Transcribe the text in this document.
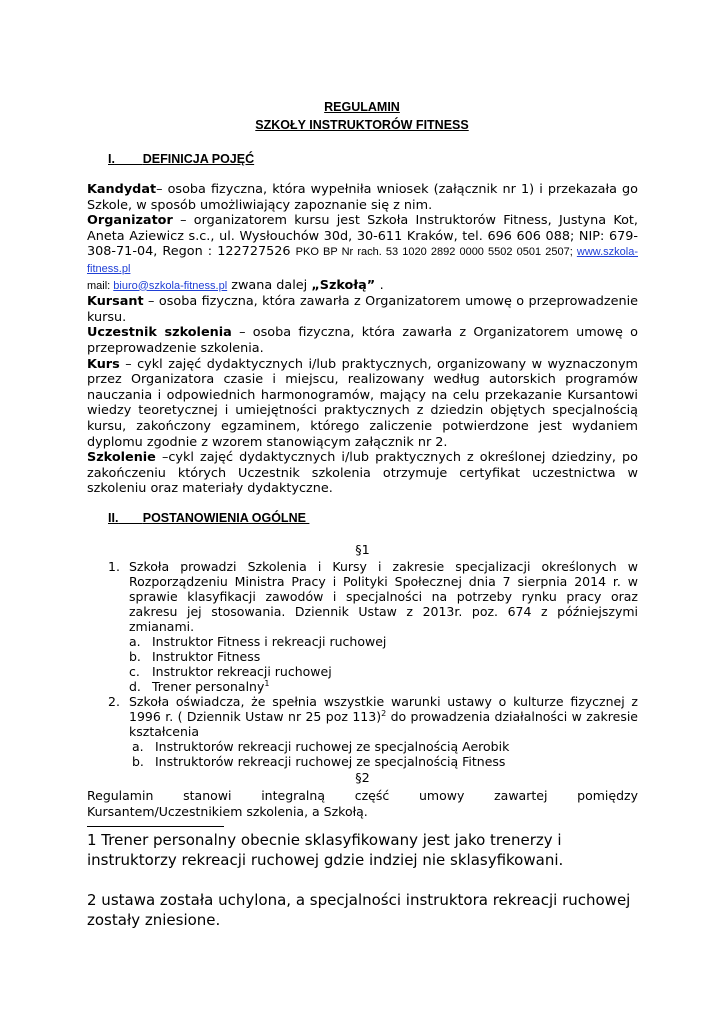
REGULAMIN
SZKOŁY INSTRUKTORÓW FITNESS
I. DEFINICJA POJĘĆ

Kandydat– osoba fizyczna, która wypełniła wniosek (załącznik nr 1) i przekazała go Szkole, w sposób umożliwiający zapoznanie się z nim.

Organizator – organizatorem kursu jest Szkoła Instruktorów Fitness, Justyna Kot, Aneta Aziewicz s.c., ul. Wysłouchów 30d, 30-611 Kraków, tel. 696 606 088; NIP: 679-308-71-04, Regon : 122727526 PKO BP Nr rach. 53 1020 2892 0000 5502 0501 2507; www.szkola-fitness.pl
mail: biuro@szkola-fitness.pl zwana dalej „Szkołą” .

Kursant – osoba fizyczna, która zawarła z Organizatorem umowę o przeprowadzenie kursu.

Uczestnik szkolenia – osoba fizyczna, która zawarła z Organizatorem umowę o przeprowadzenie szkolenia.

Kurs – cykl zajęć dydaktycznych i/lub praktycznych, organizowany w wyznaczonym przez Organizatora czasie i miejscu, realizowany według autorskich programów nauczania i odpowiednich harmonogramów, mający na celu przekazanie Kursantowi wiedzy teoretycznej i umiejętności praktycznych z dziedzin objętych specjalnością kursu, zakończony egzaminem, którego zaliczenie potwierdzone jest wydaniem dyplomu zgodnie z wzorem stanowiącym załącznik nr 2.

Szkolenie –cykl zajęć dydaktycznych i/lub praktycznych z określonej dziedziny, po zakończeniu których Uczestnik szkolenia otrzymuje certyfikat uczestnictwa w szkoleniu oraz materiały dydaktyczne.

II. POSTANOWIENIA OGÓLNE
§1
1. Szkoła prowadzi Szkolenia i Kursy i zakresie specjalizacji określonych w Rozporządzeniu Ministra Pracy i Polityki Społecznej dnia 7 sierpnia 2014 r. w sprawie klasyfikacji zawodów i specjalności na potrzeby rynku pracy oraz zakresu jej stosowania. Dziennik Ustaw z 2013r. poz. 674 z późniejszymi zmianami.
a. Instruktor Fitness i rekreacji ruchowej
b. Instruktor Fitness
c. Instruktor rekreacji ruchowej
d. Trener personalny$^1$
2. Szkoła oświadcza, że spełnia wszystkie warunki ustawy o kulturze fizycznej z 1996 r. ( Dziennik Ustaw nr 25 poz 113)$^2$ do prowadzenia działalności w zakresie kształcenia
a. Instruktorów rekreacji ruchowej ze specjalnością Aerobik
b. Instruktorów rekreacji ruchowej ze specjalnością Fitness
§2
Regulamin stanowi integralną część umowy zawartej pomiędzy Kursantem/Uczestnikiem szkolenia, a Szkołą.
1 Trener personalny obecnie sklasyfikowany jest jako trenerzy i instruktorzy rekreacji ruchowej gdzie indziej nie sklasyfikowani.
2 ustawa została uchylona, a specjalności instruktora rekreacji ruchowej zostały zniesione.
